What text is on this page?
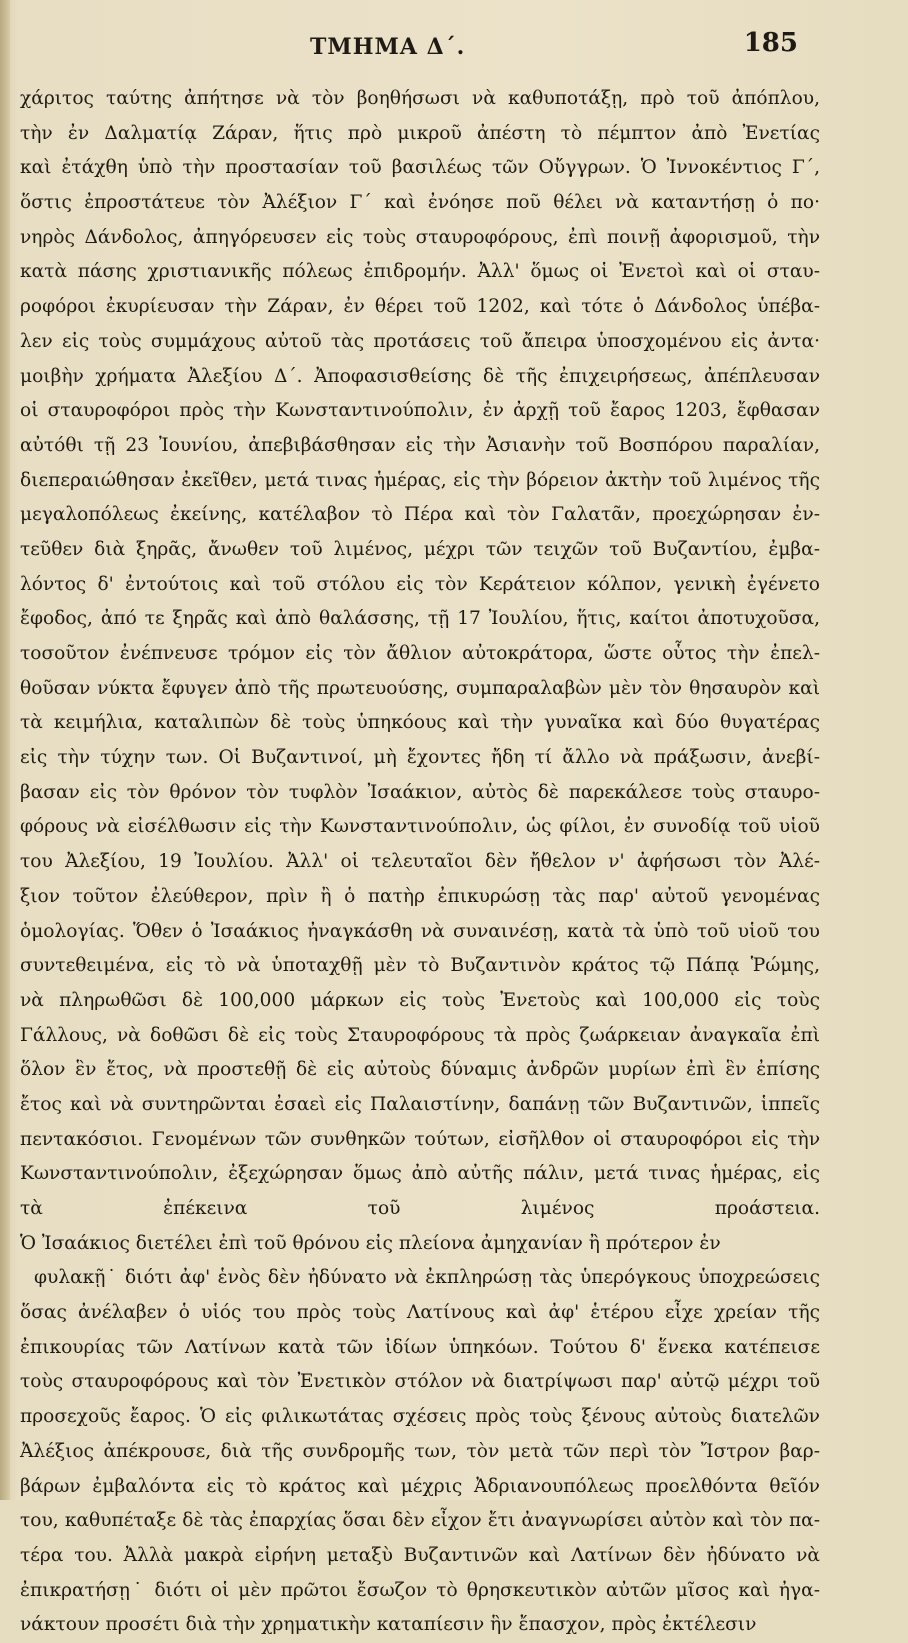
ΤΜΗΜΑ Δ΄.	185
χάριτος ταύτης ἀπήτησε νὰ τὸν βοηθήσωσι νὰ καθυποτάξῃ, πρὸ τοῦ ἀπόπλου,
τὴν ἐν Δαλματίᾳ Ζάραν, ἥτις πρὸ μικροῦ ἀπέστη τὸ πέμπτον ἀπὸ Ἐνετίας
καὶ ἐτάχθη ὑπὸ τὴν προστασίαν τοῦ βασιλέως τῶν Οὔγγρων. Ὁ Ἰννοκέντιος Γ΄,
ὅστις ἐπροστάτευε τὸν Ἀλέξιον Γ΄ καὶ ἐνόησε ποῦ θέλει νὰ καταντήσῃ ὁ πο·
νηρὸς Δάνδολος, ἀπηγόρευσεν εἰς τοὺς σταυροφόρους, ἐπὶ ποινῇ ἀφορισμοῦ, τὴν
κατὰ πάσης χριστιανικῆς πόλεως ἐπιδρομήν. Ἀλλ' ὅμως οἱ Ἐνετοὶ καὶ οἱ σταυ-
ροφόροι ἐκυρίευσαν τὴν Ζάραν, ἐν θέρει τοῦ 1202, καὶ τότε ὁ Δάνδολος ὑπέβα-
λεν εἰς τοὺς συμμάχους αὐτοῦ τὰς προτάσεις τοῦ ἄπειρα ὑποσχομένου εἰς ἀντα·
μοιβὴν χρήματα Ἀλεξίου Δ΄. Ἀποφασισθείσης δὲ τῆς ἐπιχειρήσεως, ἀπέπλευσαν
οἱ σταυροφόροι πρὸς τὴν Κωνσταντινούπολιν, ἐν ἀρχῇ τοῦ ἔαρος 1203, ἔφθασαν
αὐτόθι τῇ 23 Ἰουνίου, ἀπεβιβάσθησαν εἰς τὴν Ἀσιανὴν τοῦ Βοσπόρου παραλίαν,
διεπεραιώθησαν ἐκεῖθεν, μετά τινας ἡμέρας, εἰς τὴν βόρειον ἀκτὴν τοῦ λιμένος τῆς
μεγαλοπόλεως ἐκείνης, κατέλαβον τὸ Πέρα καὶ τὸν Γαλατᾶν, προεχώρησαν ἐν-
τεῦθεν διὰ ξηρᾶς, ἄνωθεν τοῦ λιμένος, μέχρι τῶν τειχῶν τοῦ Βυζαντίου, ἐμβα-
λόντος δ' ἐντούτοις καὶ τοῦ στόλου εἰς τὸν Κεράτειον κόλπον, γενικὴ ἐγένετο
ἔφοδος, ἀπό τε ξηρᾶς καὶ ἀπὸ θαλάσσης, τῇ 17 Ἰουλίου, ἥτις, καίτοι ἀποτυχοῦσα,
τοσοῦτον ἐνέπνευσε τρόμον εἰς τὸν ἄθλιον αὐτοκράτορα, ὥστε οὗτος τὴν ἐπελ-
θοῦσαν νύκτα ἔφυγεν ἀπὸ τῆς πρωτευούσης, συμπαραλαβὼν μὲν τὸν θησαυρὸν καὶ
τὰ κειμήλια, καταλιπὼν δὲ τοὺς ὑπηκόους καὶ τὴν γυναῖκα καὶ δύο θυγατέρας
εἰς τὴν τύχην των. Οἱ Βυζαντινοί, μὴ ἔχοντες ἤδη τί ἄλλο νὰ πράξωσιν, ἀνεβί-
βασαν εἰς τὸν θρόνον τὸν τυφλὸν Ἰσαάκιον, αὐτὸς δὲ παρεκάλεσε τοὺς σταυρο-
φόρους νὰ εἰσέλθωσιν εἰς τὴν Κωνσταντινούπολιν, ὡς φίλοι, ἐν συνοδίᾳ τοῦ υἱοῦ
του Ἀλεξίου, 19 Ἰουλίου. Ἀλλ' οἱ τελευταῖοι δὲν ἤθελον ν' ἀφήσωσι τὸν Ἀλέ-
ξιον τοῦτον ἐλεύθερον, πρὶν ἢ ὁ πατὴρ ἐπικυρώσῃ τὰς παρ' αὐτοῦ γενομένας
ὁμολογίας. Ὅθεν ὁ Ἰσαάκιος ἠναγκάσθη νὰ συναινέσῃ, κατὰ τὰ ὑπὸ τοῦ υἱοῦ του
συντεθειμένα, εἰς τὸ νὰ ὑποταχθῇ μὲν τὸ Βυζαντινὸν κράτος τῷ Πάπᾳ Ῥώμης,
νὰ πληρωθῶσι δὲ 100,000 μάρκων εἰς τοὺς Ἐνετοὺς καὶ 100,000 εἰς τοὺς
Γάλλους, νὰ δοθῶσι δὲ εἰς τοὺς Σταυροφόρους τὰ πρὸς ζωάρκειαν ἀναγκαῖα ἐπὶ
ὅλον ἓν ἔτος, νὰ προστεθῇ δὲ εἰς αὐτοὺς δύναμις ἀνδρῶν μυρίων ἐπὶ ἓν ἐπίσης
ἔτος καὶ νὰ συντηρῶνται ἐσαεὶ εἰς Παλαιστίνην, δαπάνῃ τῶν Βυζαντινῶν, ἱππεῖς
πεντακόσιοι. Γενομένων τῶν συνθηκῶν τούτων, εἰσῆλθον οἱ σταυροφόροι εἰς τὴν
Κωνσταντινούπολιν, ἐξεχώρησαν ὅμως ἀπὸ αὐτῆς πάλιν, μετά τινας ἡμέρας, εἰς
τὰ ἐπέκεινα τοῦ λιμένος προάστεια.
Ὁ Ἰσαάκιος διετέλει ἐπὶ τοῦ θρόνου εἰς πλείονα ἀμηχανίαν ἢ πρότερον ἐν
φυλακῇ˙ διότι ἀφ' ἑνὸς δὲν ἠδύνατο νὰ ἐκπληρώσῃ τὰς ὑπερόγκους ὑποχρεώσεις
ὅσας ἀνέλαβεν ὁ υἱός του πρὸς τοὺς Λατίνους καὶ ἀφ' ἑτέρου εἶχε χρείαν τῆς
ἐπικουρίας τῶν Λατίνων κατὰ τῶν ἰδίων ὑπηκόων. Τούτου δ' ἕνεκα κατέπεισε
τοὺς σταυροφόρους καὶ τὸν Ἐνετικὸν στόλον νὰ διατρίψωσι παρ' αὐτῷ μέχρι τοῦ
προσεχοῦς ἔαρος. Ὁ εἰς φιλικωτάτας σχέσεις πρὸς τοὺς ξένους αὐτοὺς διατελῶν
Ἀλέξιος ἀπέκρουσε, διὰ τῆς συνδρομῆς των, τὸν μετὰ τῶν περὶ τὸν Ἴστρον βαρ-
βάρων ἐμβαλόντα εἰς τὸ κράτος καὶ μέχρις Ἀδριανουπόλεως προελθόντα θεῖόν
του, καθυπέταξε δὲ τὰς ἐπαρχίας ὅσαι δὲν εἶχον ἔτι ἀναγνωρίσει αὐτὸν καὶ τὸν πα-
τέρα του. Ἀλλὰ μακρὰ εἰρήνη μεταξὺ Βυζαντινῶν καὶ Λατίνων δὲν ἠδύνατο νὰ
ἐπικρατήσῃ˙ διότι οἱ μὲν πρῶτοι ἔσωζον τὸ θρησκευτικὸν αὐτῶν μῖσος καὶ ἠγα-
νάκτουν προσέτι διὰ τὴν χρηματικὴν καταπίεσιν ἣν ἔπασχον, πρὸς ἐκτέλεσιν
